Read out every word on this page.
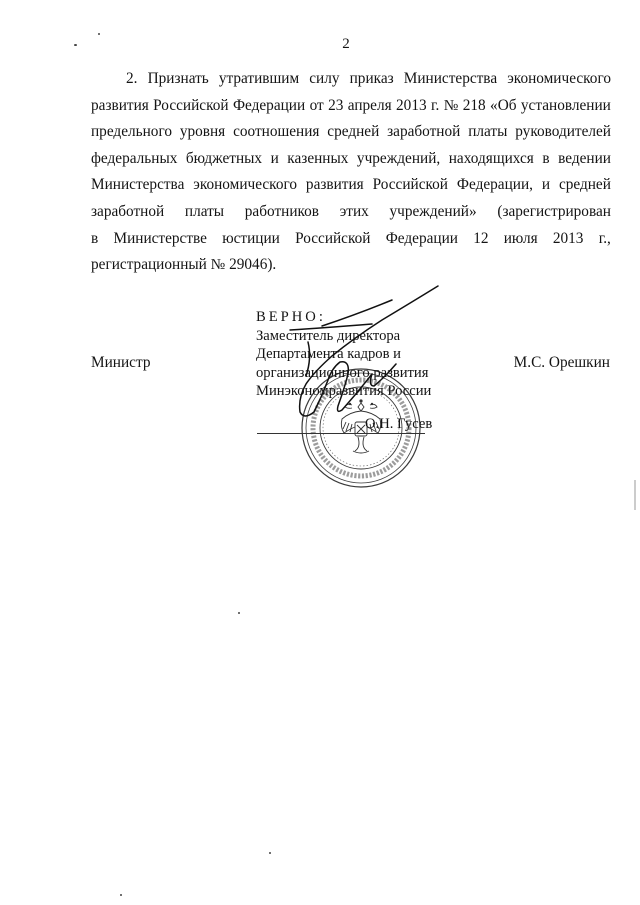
2
2. Признать утратившим силу приказ Министерства экономического
развития Российской Федерации от 23 апреля 2013 г. № 218 «Об установлении
предельного уровня соотношения средней заработной платы руководителей
федеральных бюджетных и казенных учреждений, находящихся в ведении
Министерства экономического развития Российской Федерации, и средней
заработной платы работников этих учреждений» (зарегистрирован
в Министерстве юстиции Российской Федерации 12 июля 2013 г.,
регистрационный № 29046).
Министр	М.С. Орешкин
ВЕРНО:
Заместитель директора
Департамента кадров и
организационного развития
Минэкономразвития России
О.Н. Гусев
